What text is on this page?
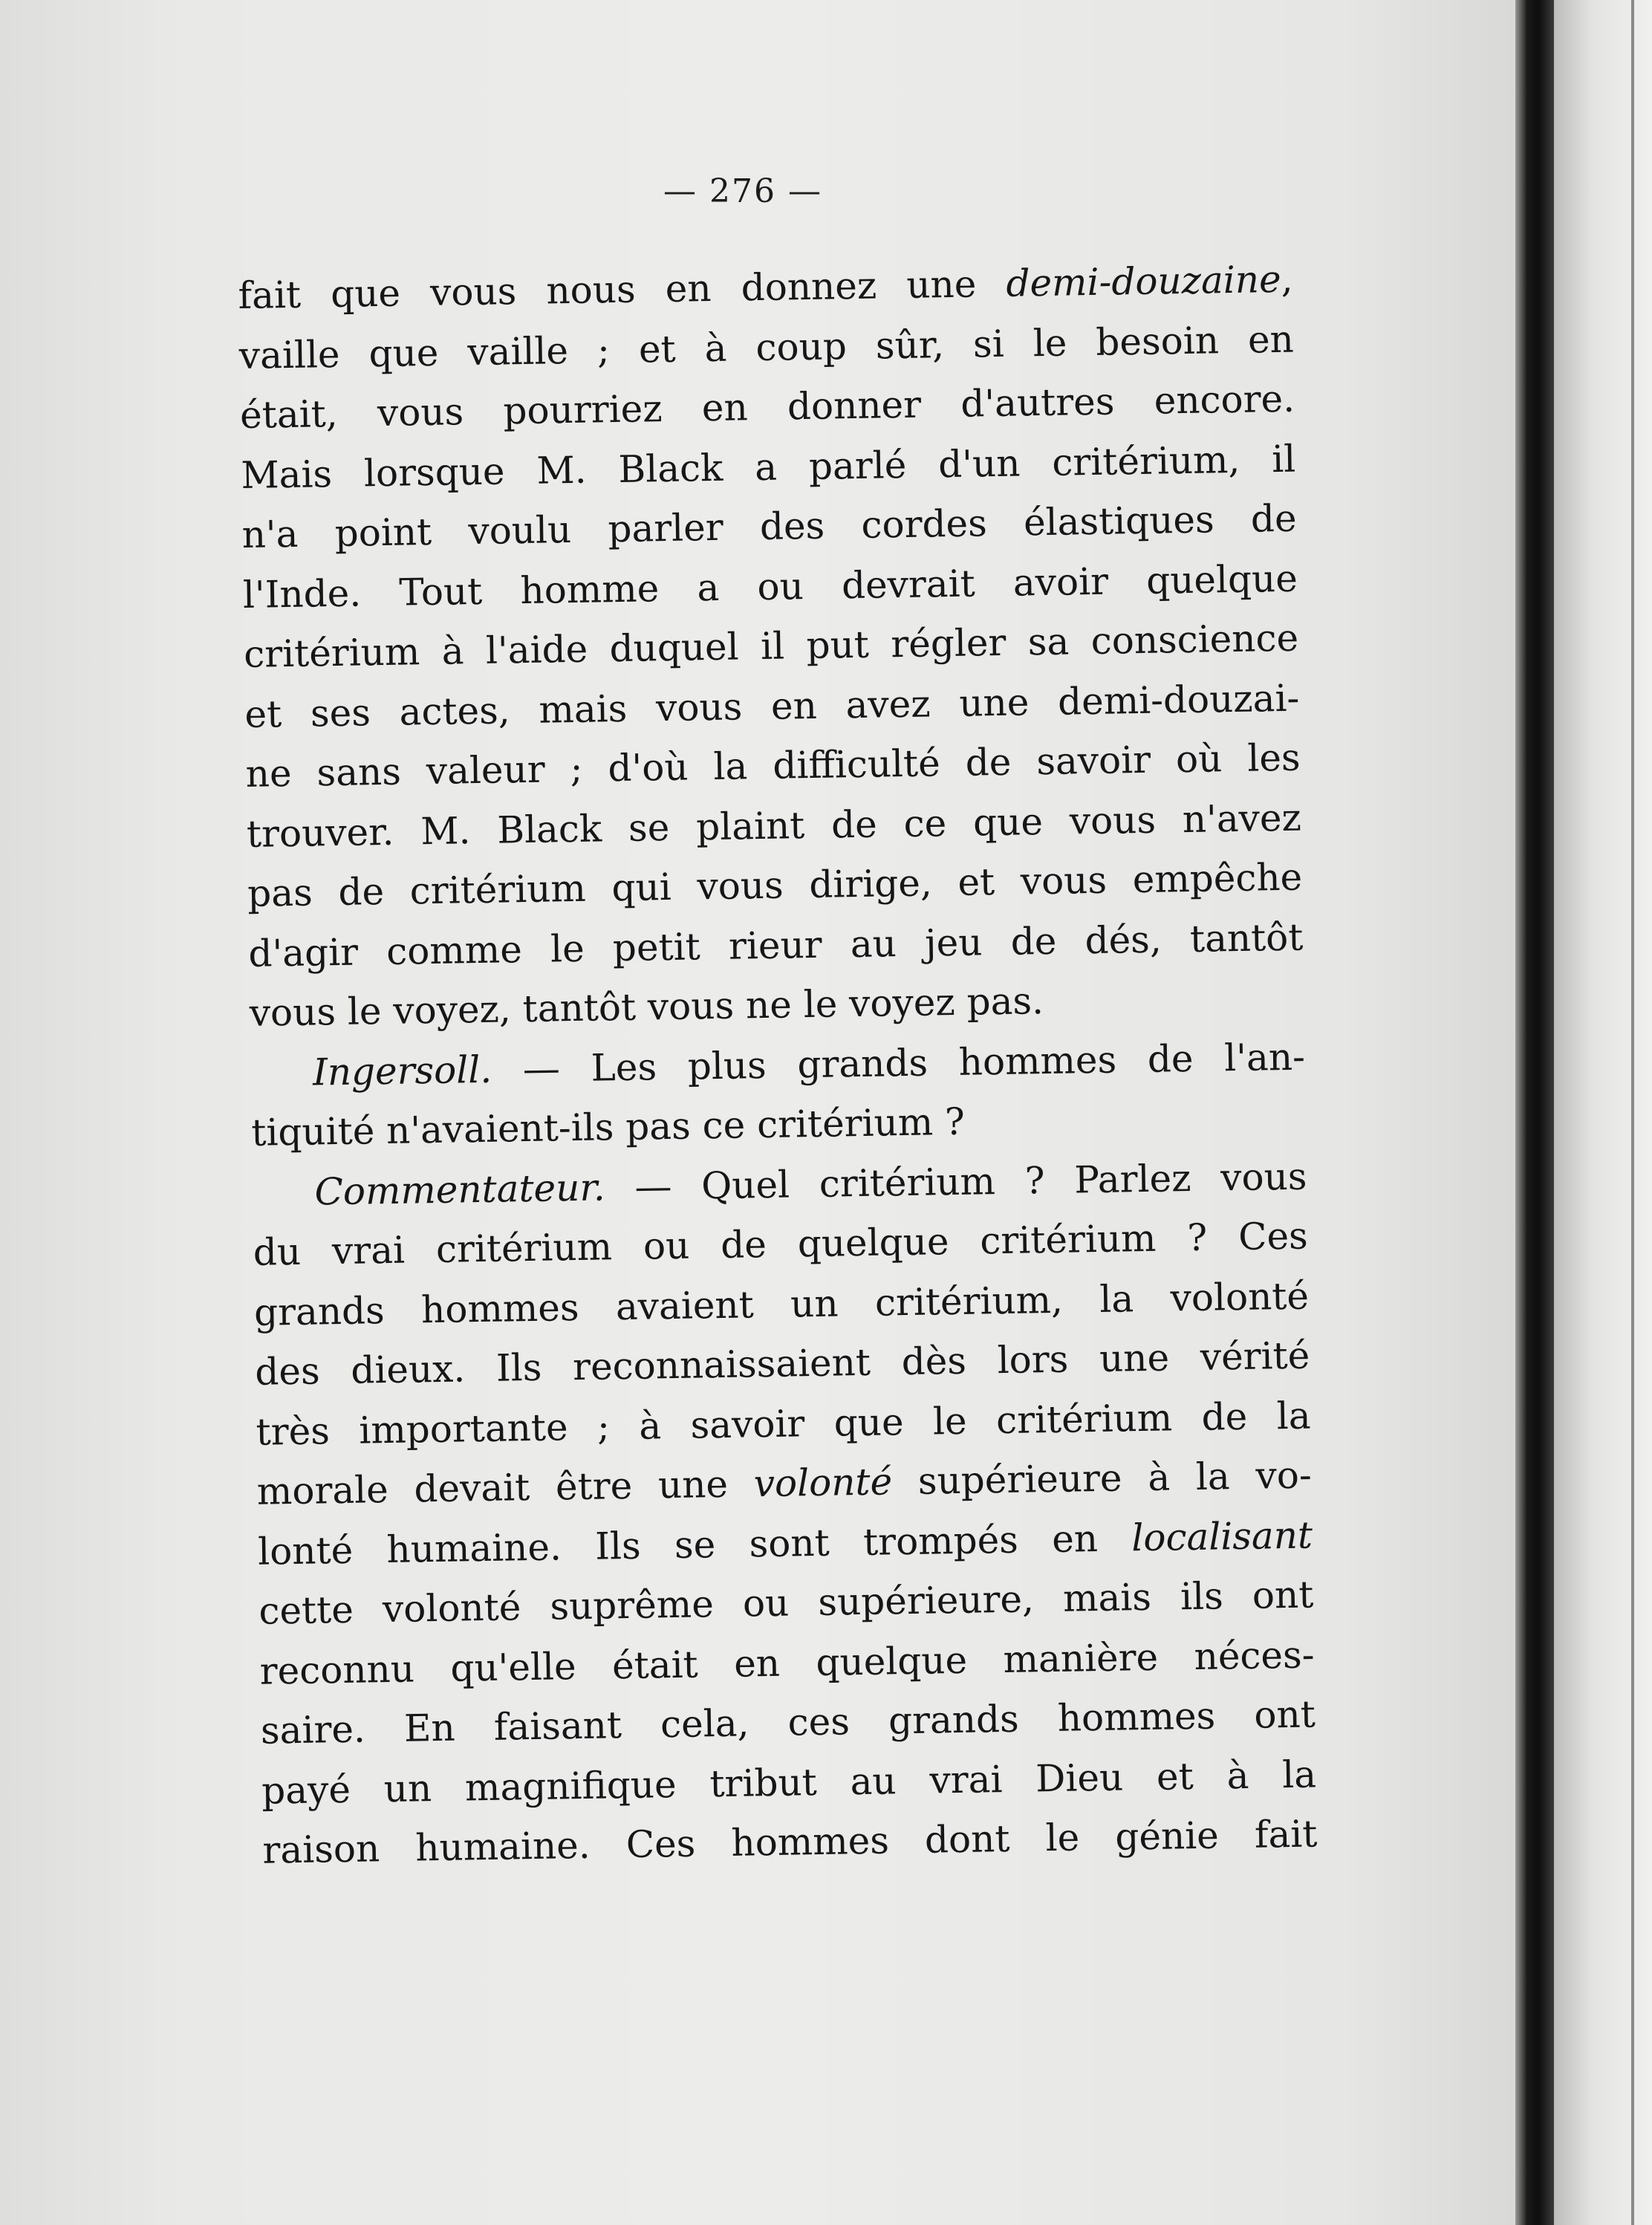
— 276 —
fait que vous nous en donnez une demi-douzaine,
vaille que vaille ; et à coup sûr, si le besoin en
était, vous pourriez en donner d'autres encore.
Mais lorsque M. Black a parlé d'un critérium, il
n'a point voulu parler des cordes élastiques de
l'Inde. Tout homme a ou devrait avoir quelque
critérium à l'aide duquel il put régler sa conscience
et ses actes, mais vous en avez une demi-douzai-
ne sans valeur ; d'où la difficulté de savoir où les
trouver. M. Black se plaint de ce que vous n'avez
pas de critérium qui vous dirige, et vous empêche
d'agir comme le petit rieur au jeu de dés, tantôt
vous le voyez, tantôt vous ne le voyez pas.
Ingersoll. — Les plus grands hommes de l'an-
tiquité n'avaient-ils pas ce critérium ?
Commentateur. — Quel critérium ? Parlez vous
du vrai critérium ou de quelque critérium ? Ces
grands hommes avaient un critérium, la volonté
des dieux. Ils reconnaissaient dès lors une vérité
très importante ; à savoir que le critérium de la
morale devait être une volonté supérieure à la vo-
lonté humaine. Ils se sont trompés en localisant
cette volonté suprême ou supérieure, mais ils ont
reconnu qu'elle était en quelque manière néces-
saire. En faisant cela, ces grands hommes ont
payé un magnifique tribut au vrai Dieu et à la
raison humaine. Ces hommes dont le génie fait
